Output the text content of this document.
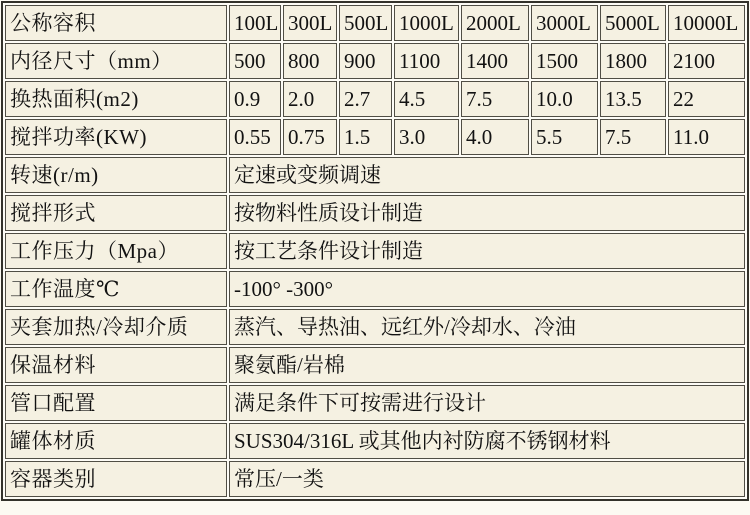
公称容积	100L	300L	500L	1000L	2000L	3000L	5000L	10000L
内径尺寸（mm）	500	800	900	1100	1400	1500	1800	2100
换热面积(m2)	0.9	2.0	2.7	4.5	7.5	10.0	13.5	22
搅拌功率(KW)	0.55	0.75	1.5	3.0	4.0	5.5	7.5	11.0
转速(r/m)	定速或变频调速							
搅拌形式	按物料性质设计制造							
工作压力（Mpa）	按工艺条件设计制造							
工作温度℃	-100° -300°							
夹套加热/冷却介质	蒸汽、导热油、远红外/冷却水、冷油							
保温材料	聚氨酯/岩棉							
管口配置	满足条件下可按需进行设计							
罐体材质	SUS304/316L 或其他内衬防腐不锈钢材料							
容器类别	常压/一类							
